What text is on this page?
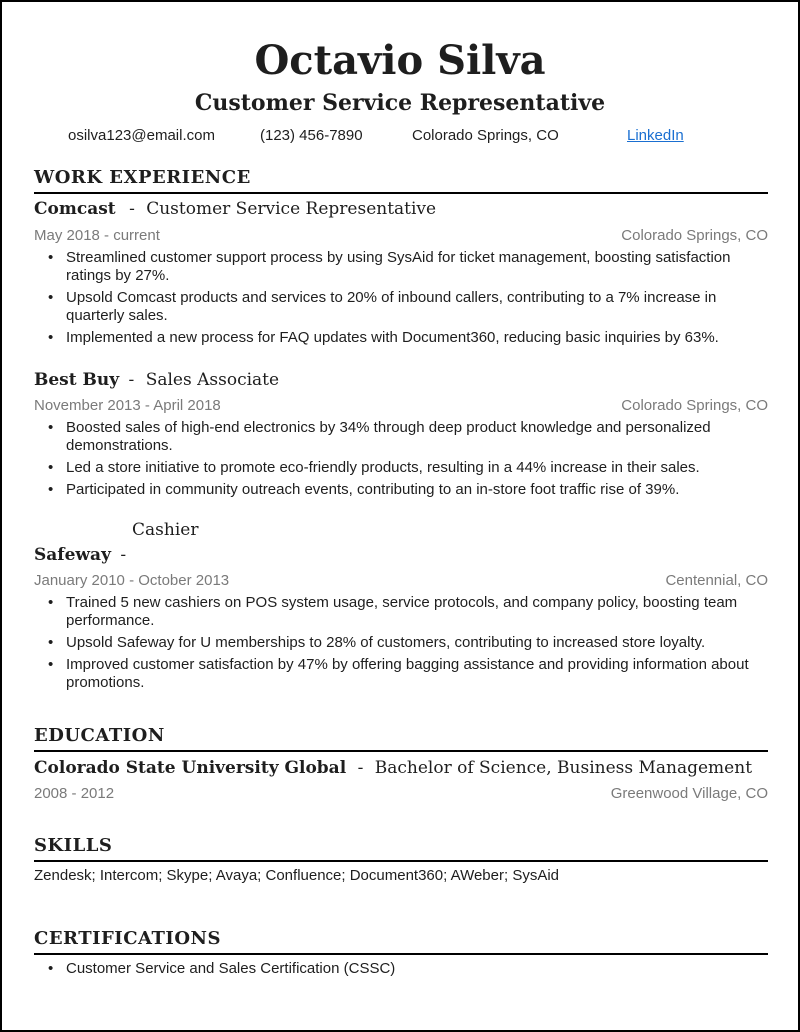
Octavio Silva
Customer Service Representative
osilva123@email.com	(123) 456-7890	Colorado Springs, CO	LinkedIn
WORK EXPERIENCE
Comcast - Customer Service Representative
May 2018 - current	Colorado Springs, CO
• Streamlined customer support process by using SysAid for ticket management, boosting satisfaction ratings by 27%.
• Upsold Comcast products and services to 20% of inbound callers, contributing to a 7% increase in quarterly sales.
• Implemented a new process for FAQ updates with Document360, reducing basic inquiries by 63%.
Best Buy - Sales Associate
November 2013 - April 2018	Colorado Springs, CO
• Boosted sales of high-end electronics by 34% through deep product knowledge and personalized demonstrations.
• Led a store initiative to promote eco-friendly products, resulting in a 44% increase in their sales.
• Participated in community outreach events, contributing to an in-store foot traffic rise of 39%.
Cashier
Safeway -
January 2010 - October 2013	Centennial, CO
• Trained 5 new cashiers on POS system usage, service protocols, and company policy, boosting team performance.
• Upsold Safeway for U memberships to 28% of customers, contributing to increased store loyalty.
• Improved customer satisfaction by 47% by offering bagging assistance and providing information about promotions.
EDUCATION
Colorado State University Global - Bachelor of Science, Business Management
2008 - 2012	Greenwood Village, CO
SKILLS
Zendesk; Intercom; Skype; Avaya; Confluence; Document360; AWeber; SysAid
CERTIFICATIONS
• Customer Service and Sales Certification (CSSC)
